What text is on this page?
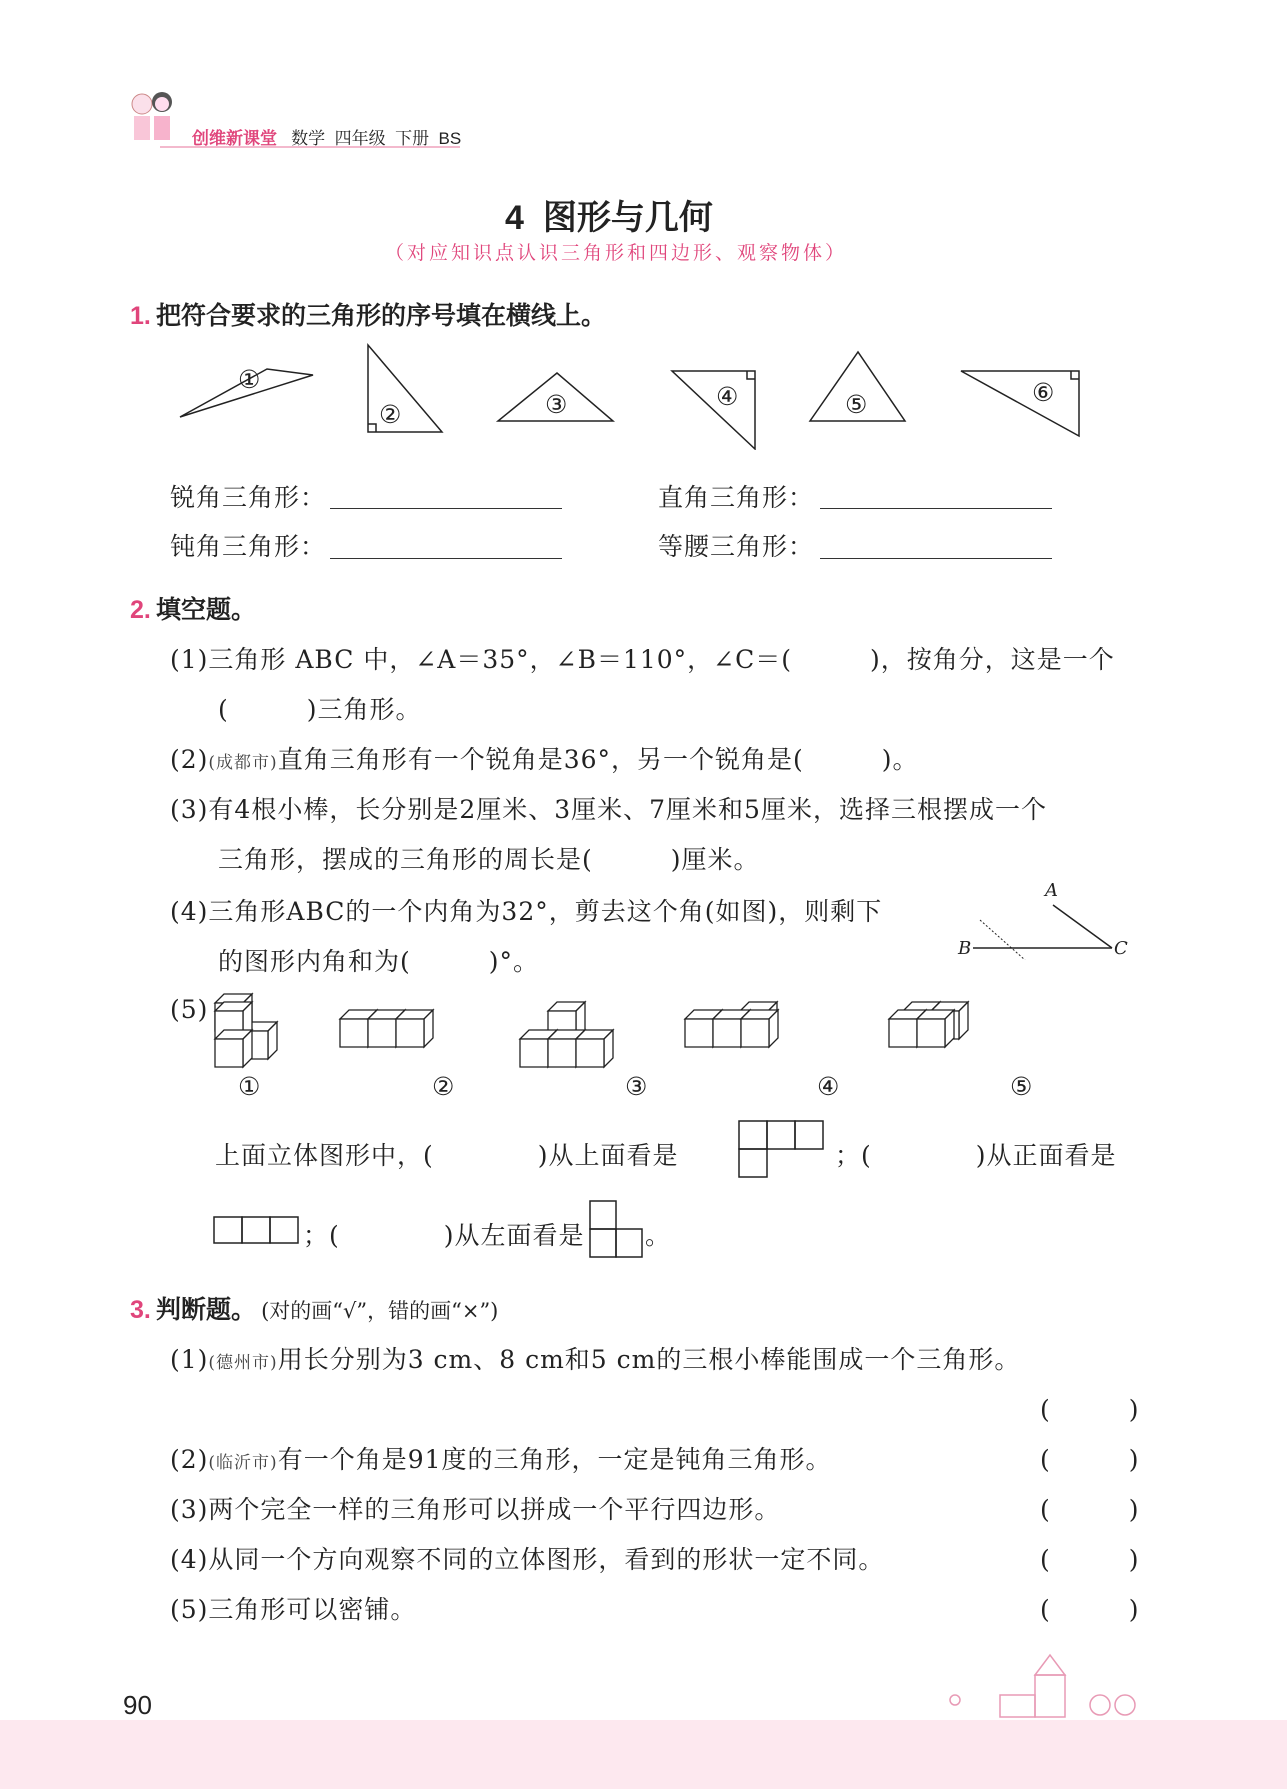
创维新课堂 数学 四年级 下册 BS
4 图形与几何
（对应知识点认识三角形和四边形、观察物体）
1. 把符合要求的三角形的序号填在横线上。
①
②	③	④	⑤	⑥
锐角三角形：	直角三角形：
钝角三角形：	等腰三角形：
2. 填空题。
(1)三角形 ABC 中，∠A＝35°，∠B＝110°，∠C＝(　　　)，按角分，这是一个
(　　　)三角形。
(2)(成都市)直角三角形有一个锐角是36°，另一个锐角是(　　　)。
(3)有4根小棒，长分别是2厘米、3厘米、7厘米和5厘米，选择三根摆成一个
三角形，摆成的三角形的周长是(　　　)厘米。
(4)三角形ABC的一个内角为32°，剪去这个角(如图)，则剩下
的图形内角和为(　　　)°。
A
B	C
(5)
①	②	③	④	⑤
上面立体图形中，(　　　　)从上面看是	；(　　　　)从正面看是
；(　　　　)从左面看是 。
3. 判断题。 (对的画“√”，错的画“×”)
(1)(德州市)用长分别为3 cm、8 cm和5 cm的三根小棒能围成一个三角形。
(　　　)
(2)(临沂市)有一个角是91度的三角形，一定是钝角三角形。	(　　　)
(3)两个完全一样的三角形可以拼成一个平行四边形。	(　　　)
(4)从同一个方向观察不同的立体图形，看到的形状一定不同。	(　　　)
(5)三角形可以密铺。	(　　　)
90
